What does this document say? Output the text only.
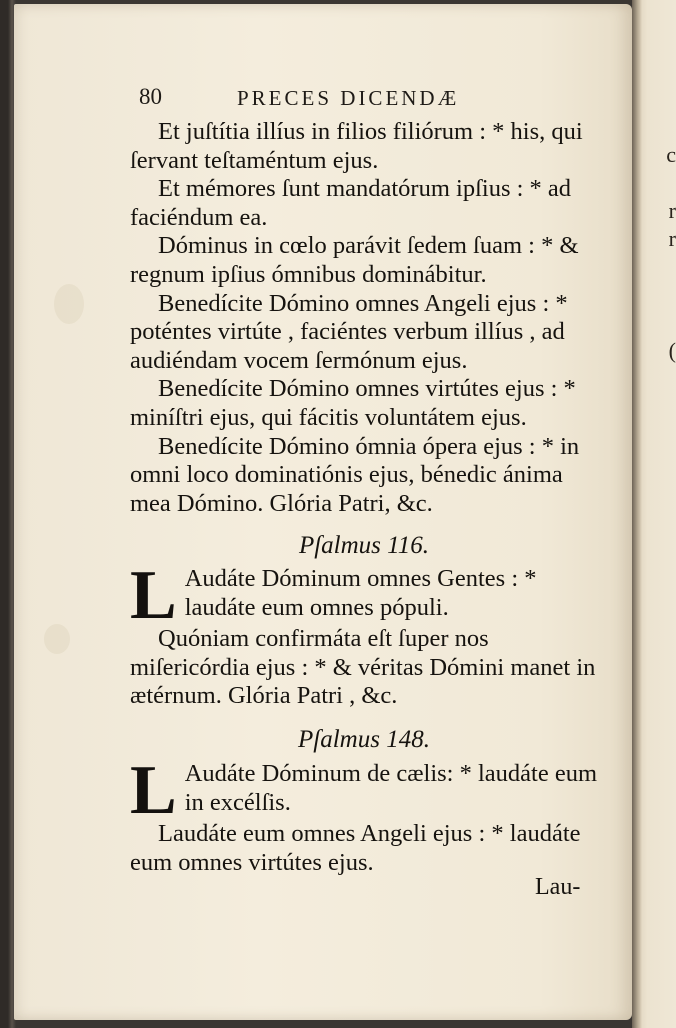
c
r
r
(
80	PRECES DICENDÆ

Et juſtítia illíus in filios filiórum : * his, qui ſervant teſtaméntum ejus.

Et mémores ſunt mandatórum ipſius : * ad faciéndum ea.

Dóminus in cœlo parávit ſedem ſuam : * & regnum ipſius ómnibus dominábitur.

Benedícite Dómino omnes Angeli ejus : * poténtes virtúte , faciéntes verbum illíus , ad audiéndam vocem ſermónum ejus.

Benedícite Dómino omnes virtútes ejus : * miníſtri ejus, qui fácitis voluntátem ejus.

Benedícite Dómino ómnia ópera ejus : * in omni loco dominatiónis ejus, bénedic ánima mea Dómino. Glória Patri, &c.

Pſalmus 116.
L Audáte Dóminum omnes Gentes : * laudáte eum omnes pópuli.

Quóniam confirmáta eſt ſuper nos miſericórdia ejus : * & véritas Dómini manet in ætérnum. Glória Patri , &c.

Pſalmus 148.
L Audáte Dóminum de cælis: * laudáte eum in excélſis.

Laudáte eum omnes Angeli ejus : * laudáte eum omnes virtútes ejus.

Lau-
